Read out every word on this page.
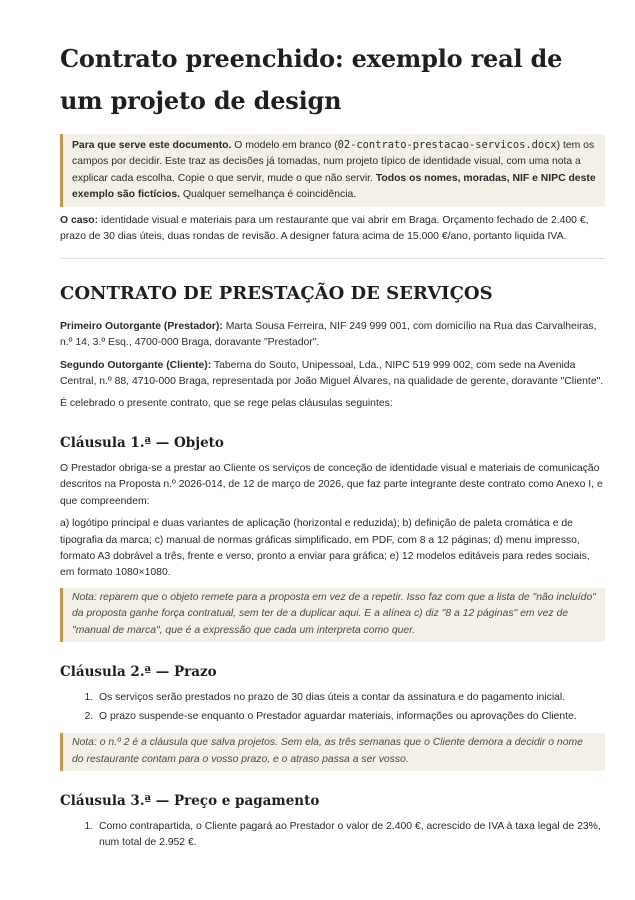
Contrato preenchido: exemplo real de um projeto de design

Para que serve este documento. O modelo em branco (02-contrato-prestacao-servicos.docx) tem os campos por decidir. Este traz as decisões já tomadas, num projeto típico de identidade visual, com uma nota a explicar cada escolha. Copie o que servir, mude o que não servir. Todos os nomes, moradas, NIF e NIPC deste exemplo são fictícios. Qualquer semelhança é coincidência.

O caso: identidade visual e materiais para um restaurante que vai abrir em Braga. Orçamento fechado de 2.400 €, prazo de 30 dias úteis, duas rondas de revisão. A designer fatura acima de 15.000 €/ano, portanto liquida IVA.

CONTRATO DE PRESTAÇÃO DE SERVIÇOS

Primeiro Outorgante (Prestador): Marta Sousa Ferreira, NIF 249 999 001, com domicílio na Rua das Carvalheiras, n.º 14, 3.º Esq., 4700-000 Braga, doravante "Prestador".

Segundo Outorgante (Cliente): Taberna do Souto, Unipessoal, Lda., NIPC 519 999 002, com sede na Avenida Central, n.º 88, 4710-000 Braga, representada por João Miguel Álvares, na qualidade de gerente, doravante "Cliente".

É celebrado o presente contrato, que se rege pelas cláusulas seguintes:

Cláusula 1.ª — Objeto

O Prestador obriga-se a prestar ao Cliente os serviços de conceção de identidade visual e materiais de comunicação descritos na Proposta n.º 2026-014, de 12 de março de 2026, que faz parte integrante deste contrato como Anexo I, e que compreendem:

a) logótipo principal e duas variantes de aplicação (horizontal e reduzida); b) definição de paleta cromática e de tipografia da marca; c) manual de normas gráficas simplificado, em PDF, com 8 a 12 páginas; d) menu impresso, formato A3 dobrável a três, frente e verso, pronto a enviar para gráfica; e) 12 modelos editáveis para redes sociais, em formato 1080×1080.

Nota: reparem que o objeto remete para a proposta em vez de a repetir. Isso faz com que a lista de "não incluído" da proposta ganhe força contratual, sem ter de a duplicar aqui. E a alínea c) diz "8 a 12 páginas" em vez de "manual de marca", que é a expressão que cada um interpreta como quer.
Cláusula 2.ª — Prazo
1. Os serviços serão prestados no prazo de 30 dias úteis a contar da assinatura e do pagamento inicial.
2. O prazo suspende-se enquanto o Prestador aguardar materiais, informações ou aprovações do Cliente.
Nota: o n.º 2 é a cláusula que salva projetos. Sem ela, as três semanas que o Cliente demora a decidir o nome do restaurante contam para o vosso prazo, e o atraso passa a ser vosso.
Cláusula 3.ª — Preço e pagamento
1. Como contrapartida, o Cliente pagará ao Prestador o valor de 2.400 €, acrescido de IVA à taxa legal de 23%, num total de 2.952 €.
